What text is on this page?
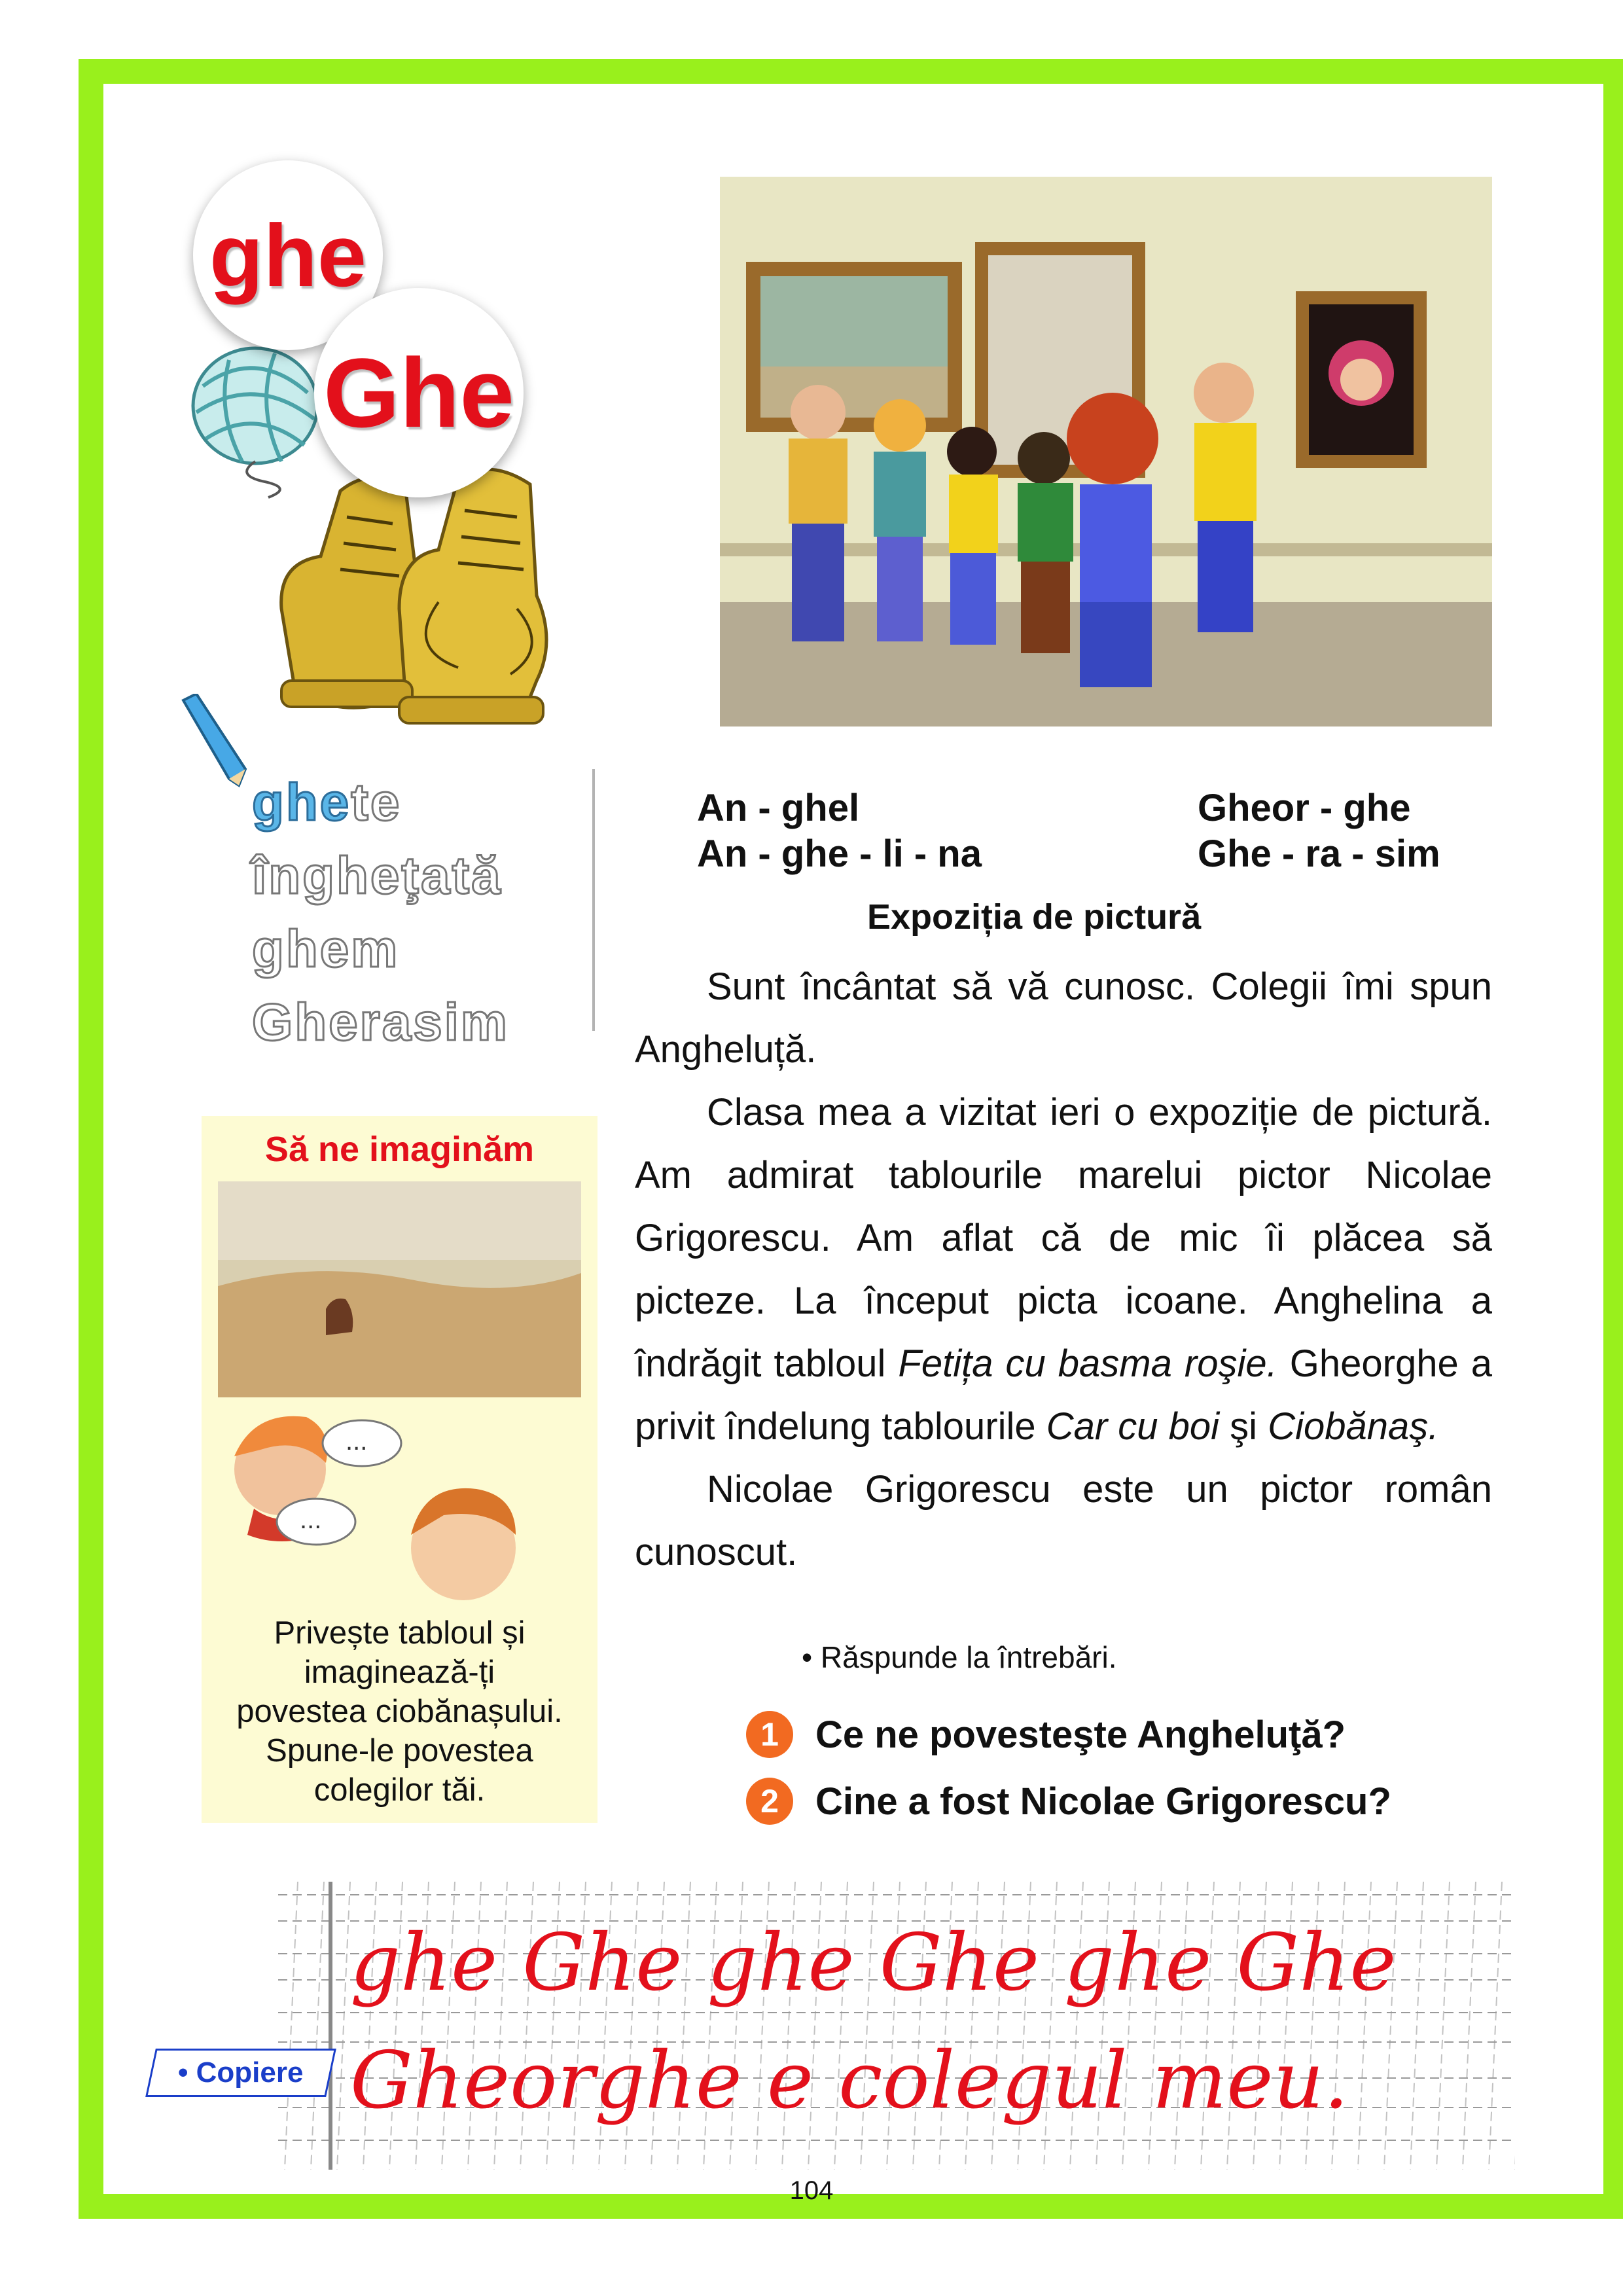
ghe
Ghe
ghete
îngheţată
ghem
Gherasim
An - ghel
An - ghe - li - na
Gheor - ghe
Ghe - ra - sim
Expoziția de pictură

Sunt încântat să vă cunosc. Colegii îmi spun Angheluță.

Clasa mea a vizitat ieri o expoziție de pictură. Am admirat tablourile marelui pictor Nicolae Grigorescu. Am aflat că de mic îi plăcea să picteze. La început picta icoane. Anghelina a îndrăgit tabloul Fetița cu basma roşie. Gheorghe a privit îndelung tablourile Car cu boi şi Ciobănaş.

Nicolae Grigorescu este un pictor român cunoscut.

• Răspunde la întrebări.
1 Ce ne povesteşte Angheluţă?
2 Cine a fost Nicolae Grigorescu?
Să ne imaginăm
...
...
Privește tabloul și
imaginează-ți
povestea ciobănașului.
Spune-le povestea
colegilor tăi.
ghe Ghe ghe Ghe ghe Ghe
Gheorghe e colegul meu.
• Copiere
104
